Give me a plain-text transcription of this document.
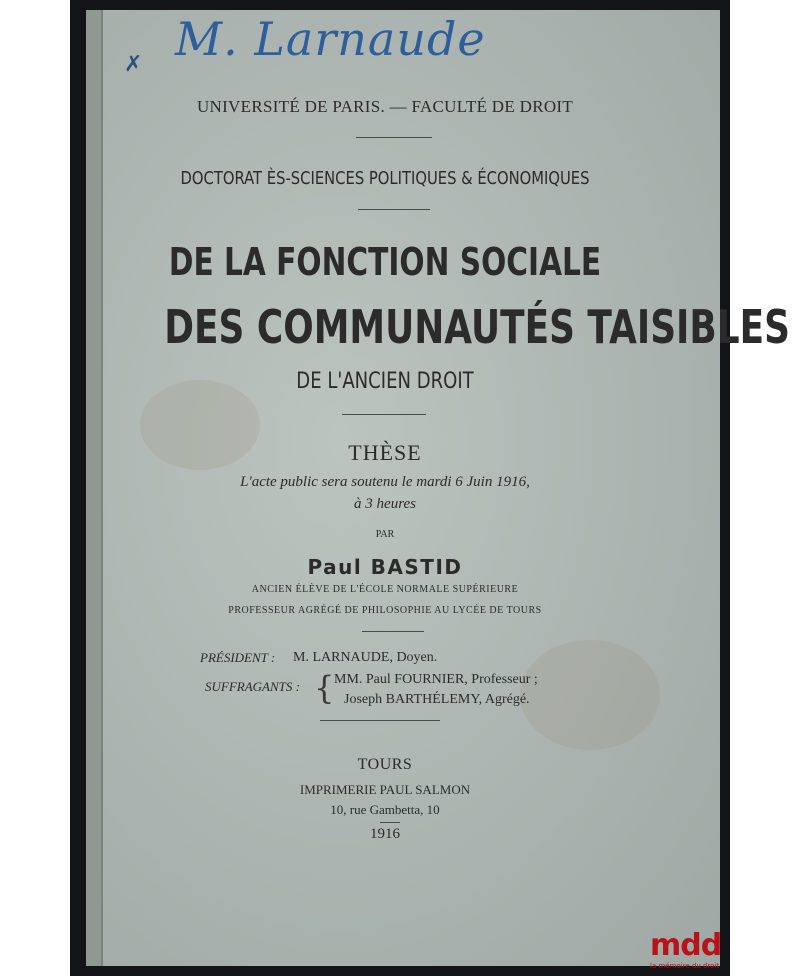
✗ M. Larnaude
UNIVERSITÉ DE PARIS. — FACULTÉ DE DROIT
DOCTORAT ÈS-SCIENCES POLITIQUES & ÉCONOMIQUES
DE LA FONCTION SOCIALE
DES COMMUNAUTÉS TAISIBLES
DE L'ANCIEN DROIT
THÈSE
L'acte public sera soutenu le mardi 6 Juin 1916,
à 3 heures
PAR
Paul BASTID
ANCIEN ÉLÈVE DE L'ÉCOLE NORMALE SUPÉRIEURE
PROFESSEUR AGRÉGÉ DE PHILOSOPHIE AU LYCÉE DE TOURS
PRÉSIDENT : M. LARNAUDE, Doyen.
SUFFRAGANTS : { MM. Paul FOURNIER, Professeur ;
Joseph BARTHÉLEMY, Agrégé.
TOURS
IMPRIMERIE PAUL SALMON
10, rue Gambetta, 10
1916
mdd
la mémoire du droit
